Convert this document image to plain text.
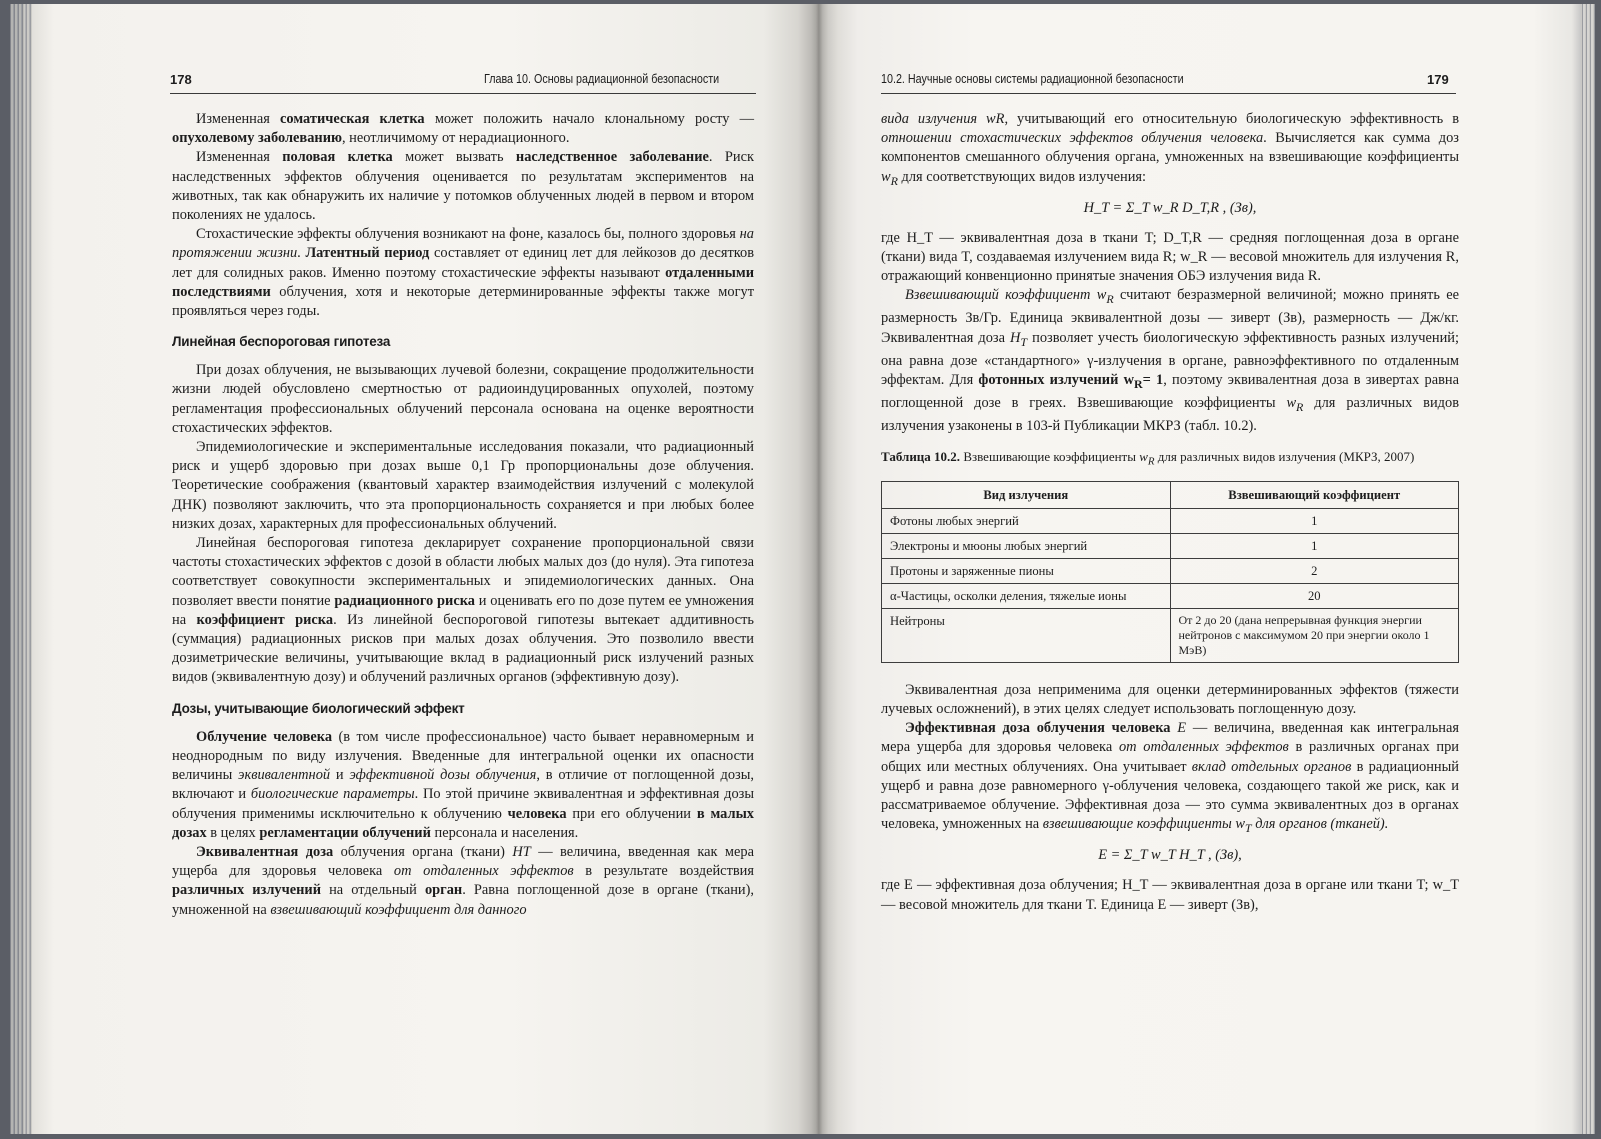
178	Глава 10. Основы радиационной безопасности

Измененная соматическая клетка может положить начало клональному росту — опухолевому заболеванию, неотличимому от нерадиационного.

Измененная половая клетка может вызвать наследственное заболевание. Риск наследственных эффектов облучения оценивается по результатам экспериментов на животных, так как обнаружить их наличие у потомков облученных людей в первом и втором поколениях не удалось.

Стохастические эффекты облучения возникают на фоне, казалось бы, полного здоровья на протяжении жизни. Латентный период составляет от единиц лет для лейкозов до десятков лет для солидных раков. Именно поэтому стохастические эффекты называют отдаленными последствиями облучения, хотя и некоторые детерминированные эффекты также могут проявляться через годы.

Линейная беспороговая гипотеза

При дозах облучения, не вызывающих лучевой болезни, сокращение продолжительности жизни людей обусловлено смертностью от радиоиндуцированных опухолей, поэтому регламентация профессиональных облучений персонала основана на оценке вероятности стохастических эффектов.

Эпидемиологические и экспериментальные исследования показали, что радиационный риск и ущерб здоровью при дозах выше 0,1 Гр пропорциональны дозе облучения. Теоретические соображения (квантовый характер взаимодействия излучений с молекулой ДНК) позволяют заключить, что эта пропорциональность сохраняется и при любых более низких дозах, характерных для профессиональных облучений.

Линейная беспороговая гипотеза декларирует сохранение пропорциональной связи частоты стохастических эффектов с дозой в области любых малых доз (до нуля). Эта гипотеза соответствует совокупности экспериментальных и эпидемиологических данных. Она позволяет ввести понятие радиационного риска и оценивать его по дозе путем ее умножения на коэффициент риска. Из линейной беспороговой гипотезы вытекает аддитивность (суммация) радиационных рисков при малых дозах облучения. Это позволило ввести дозиметрические величины, учитывающие вклад в радиационный риск излучений разных видов (эквивалентную дозу) и облучений различных органов (эффективную дозу).

Дозы, учитывающие биологический эффект

Облучение человека (в том числе профессиональное) часто бывает неравномерным и неоднородным по виду излучения. Введенные для интегральной оценки их опасности величины эквивалентной и эффективной дозы облучения, в отличие от поглощенной дозы, включают и биологические параметры. По этой причине эквивалентная и эффективная дозы облучения применимы исключительно к облучению человека при его облучении в малых дозах в целях регламентации облучений персонала и населения.

Эквивалентная доза облучения органа (ткани) HT — величина, введенная как мера ущерба для здоровья человека от отдаленных эффектов в результате воздействия различных излучений на отдельный орган. Равна поглощенной дозе в органе (ткани), умноженной на взвешивающий коэффициент для данного

10.2. Научные основы системы радиационной безопасности	179

вида излучения wR, учитывающий его относительную биологическую эффективность в отношении стохастических эффектов облучения человека. Вычисляется как сумма доз компонентов смешанного облучения органа, умноженных на взвешивающие коэффициенты $w_R$ для соответствующих видов излучения:

H_T = Σ_T w_R D_T,R , (Зв),

где H_T — эквивалентная доза в ткани T; D_T,R — средняя поглощенная доза в органе (ткани) вида T, создаваемая излучением вида R; w_R — весовой множитель для излучения R, отражающий конвенционно принятые значения ОБЭ излучения вида R.

Взвешивающий коэффициент $w_R$ считают безразмерной величиной; можно принять ее размерность Зв/Гр. Единица эквивалентной дозы — зиверт (Зв), размерность — Дж/кг. Эквивалентная доза $H_T$ позволяет учесть биологическую эффективность разных излучений; она равна дозе «стандартного» γ-излучения в органе, равноэффективного по отдаленным эффектам. Для фотонных излучений $w_R= 1$, поэтому эквивалентная доза в зивертах равна поглощенной дозе в греях. Взвешивающие коэффициенты $w_R$ для различных видов излучения узаконены в 103-й Публикации МКРЗ (табл. 10.2).

Таблица 10.2. Взвешивающие коэффициенты $w_R$ для различных видов излучения (МКРЗ, 2007)
Вид излучения	Взвешивающий коэффициент
Фотоны любых энергий	1
Электроны и мюоны любых энергий	1
Протоны и заряженные пионы	2
α-Частицы, осколки деления, тяжелые ионы	20
Нейтроны	От 2 до 20 (дана непрерывная функция энергии нейтронов с максимумом 20 при энергии около 1 МэВ)

Эквивалентная доза неприменима для оценки детерминированных эффектов (тяжести лучевых осложнений), в этих целях следует использовать поглощенную дозу.

Эффективная доза облучения человека E — величина, введенная как интегральная мера ущерба для здоровья человека от отдаленных эффектов в различных органах при общих или местных облучениях. Она учитывает вклад отдельных органов в радиационный ущерб и равна дозе равномерного γ-облучения человека, создающего такой же риск, как и рассматриваемое облучение. Эффективная доза — это сумма эквивалентных доз в органах человека, умноженных на взвешивающие коэффициенты $w_T$ для органов (тканей).

E = Σ_T w_T H_T , (Зв),

где E — эффективная доза облучения; H_T — эквивалентная доза в органе или ткани T; w_T — весовой множитель для ткани T. Единица E — зиверт (Зв),
